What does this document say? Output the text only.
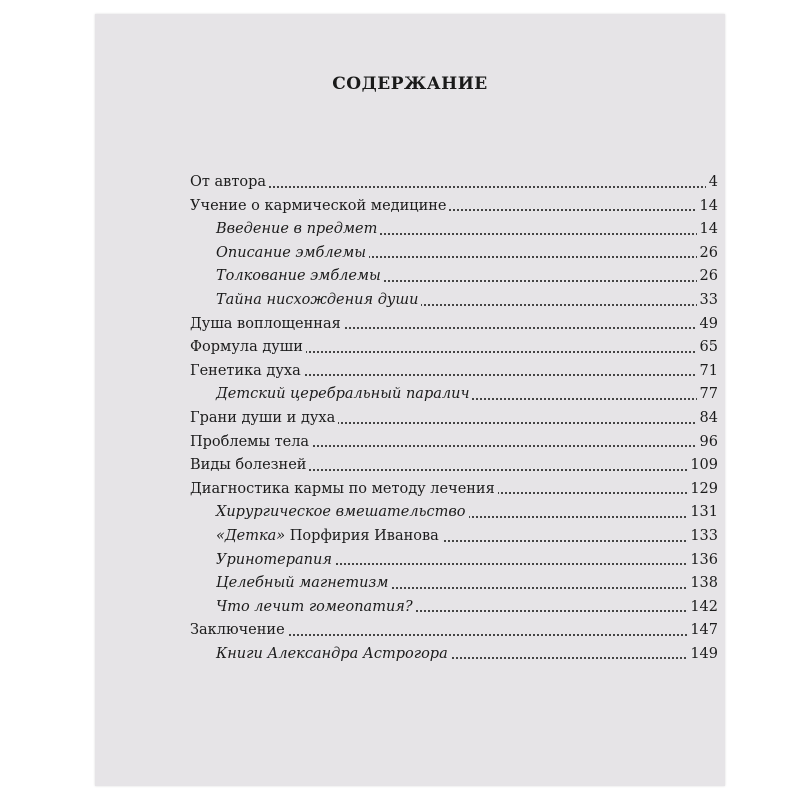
СОДЕРЖАНИЕ
От автора	4
Учение о кармической медицине	14
Введение в предмет	14
Описание эмблемы	26
Толкование эмблемы	26
Тайна нисхождения души	33
Душа воплощенная	49
Формула души	65
Генетика духа	71
Детский церебральный паралич	77
Грани души и духа	84
Проблемы тела	96
Виды болезней	109
Диагностика кармы по методу лечения	129
Хирургическое вмешательство	131
«Детка» Порфирия Иванова	133
Уринотерапия	136
Целебный магнетизм	138
Что лечит гомеопатия?	142
Заключение	147
Книги Александра Астрогора	149
